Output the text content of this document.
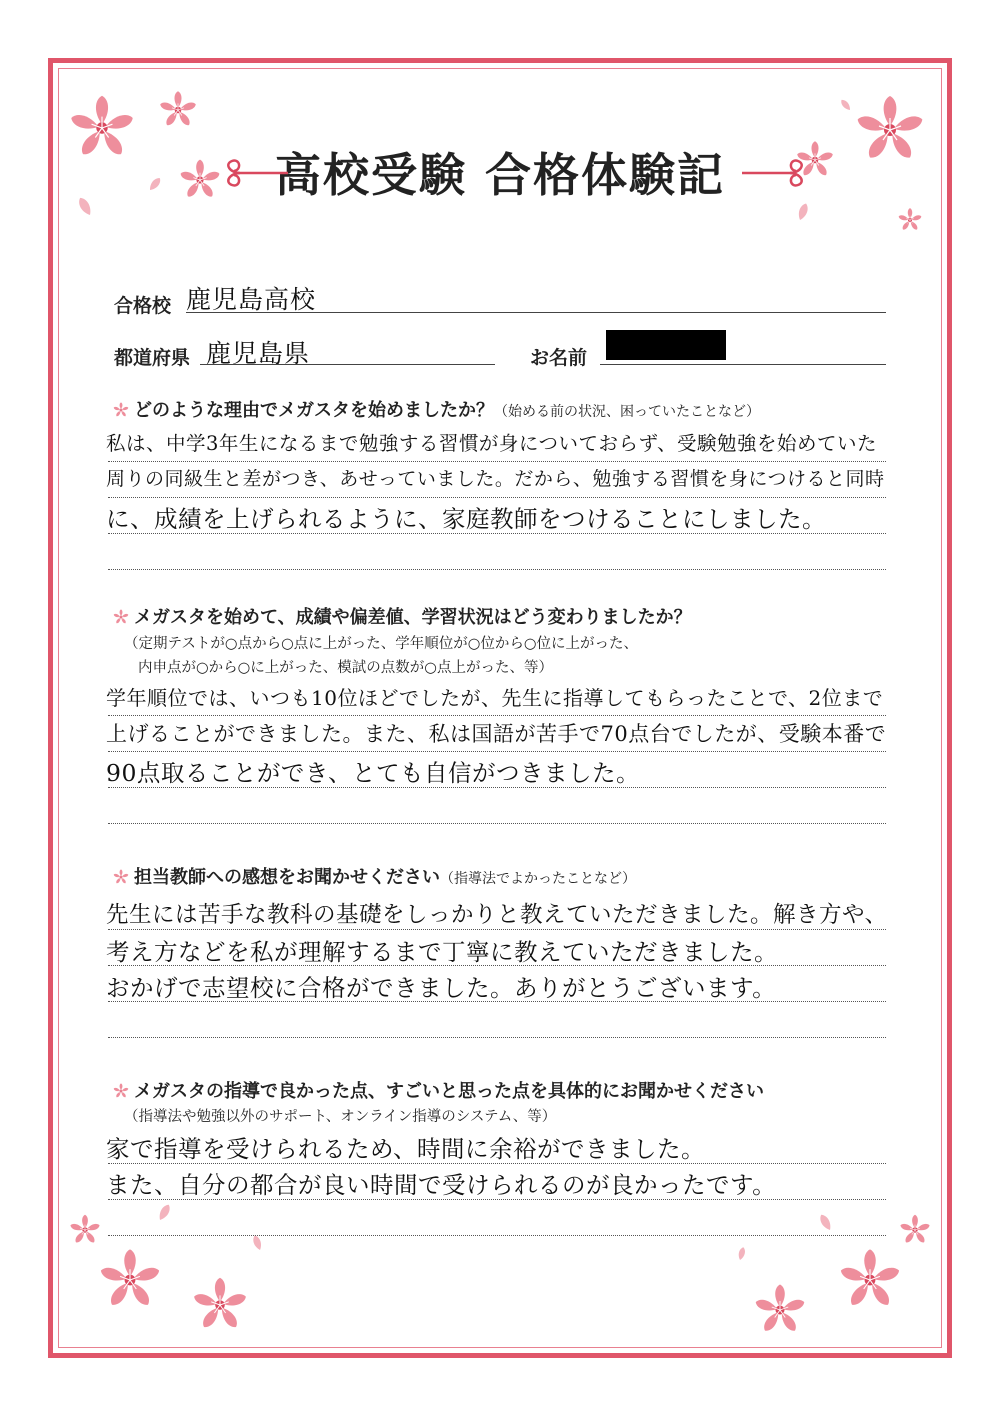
高校受験 合格体験記
合格校 鹿児島高校
都道府県 鹿児島県	お名前
どのような理由でメガスタを始めましたか？（始める前の状況、困っていたことなど）
私は、中学3年生になるまで勉強する習慣が身についておらず、受験勉強を始めていた
周りの同級生と差がつき、あせっていました。だから、勉強する習慣を身につけると同時
に、成績を上げられるように、家庭教師をつけることにしました。
メガスタを始めて、成績や偏差値、学習状況はどう変わりましたか？
（定期テストが○点から○点に上がった、学年順位が○位から○位に上がった、
内申点が○から○に上がった、模試の点数が○点上がった、等）
学年順位では、いつも10位ほどでしたが、先生に指導してもらったことで、2位まで
上げることができました。また、私は国語が苦手で70点台でしたが、受験本番で
90点取ることができ、とても自信がつきました。
担当教師への感想をお聞かせください（指導法でよかったことなど）
先生には苦手な教科の基礎をしっかりと教えていただきました。解き方や、
考え方などを私が理解するまで丁寧に教えていただきました。
おかげで志望校に合格ができました。ありがとうございます。
メガスタの指導で良かった点、すごいと思った点を具体的にお聞かせください
（指導法や勉強以外のサポート、オンライン指導のシステム、等）
家で指導を受けられるため、時間に余裕ができました。
また、自分の都合が良い時間で受けられるのが良かったです。
